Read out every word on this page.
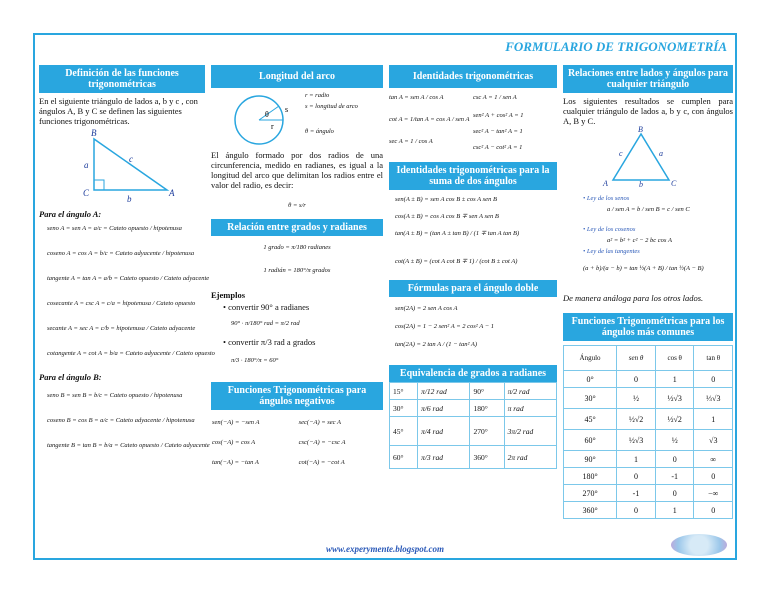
FORMULARIO DE TRIGONOMETRÍA
Definición de las funciones trigonométricas
En el siguiente triángulo de lados a, b y c , con ángulos A, B y C se definen las siguientes funciones trigonométricas.
B
C	A
a
c
b
Para el ángulo A:
seno A = sen A = a/c = Cateto opuesto / hipotenusa
coseno A = cos A = b/c = Cateto adyacente / hipotenusa
tangente A = tan A = a/b = Cateto opuesto / Cateto adyacente
cosecante A = csc A = c/a = hipotenusa / Cateto opuesto
secante A = sec A = c/b = hipotenusa / Cateto adyacente
cotangente A = cot A = b/a = Cateto adyacente / Cateto opuesto
Para el ángulo B:
seno B = sen B = b/c = Cateto opuesto / hipotenusa
coseno B = cos B = a/c = Cateto adyacente / hipotenusa
tangente B = tan B = b/a = Cateto opuesto / Cateto adyacente
Longitud del arco
θ
r
s
r = radio
s = longitud de arco
θ = ángulo
El ángulo formado por dos radios de una circunferencia, medido en radianes, es igual a la longitud del arco que delimitan los radios entre el valor del radio, es decir:
θ = s/r
Relación entre grados y radianes
1 grado = π/180 radianes
1 radián = 180°/π grados
Ejemplos
• convertir 90° a radianes
90° · π/180° rad = π/2 rad
• convertir π/3 rad a grados
π/3 · 180°/π = 60°
Funciones Trigonométricas para ángulos negativos
sen(−A) = −sen A	sec(−A) = sec A
cos(−A) = cos A	csc(−A) = −csc A
tan(−A) = −tan A	cot(−A) = −cot A
Identidades trigonométricas
tan A = sen A / cos A
cot A = 1/tan A = cos A / sen A
sec A = 1 / cos A
csc A = 1 / sen A
sen² A + cos² A = 1
sec² A − tan² A = 1
csc² A − cot² A = 1
Identidades trigonométricas para la suma de dos ángulos
sen(A ± B) = sen A cos B ± cos A sen B
cos(A ± B) = cos A cos B ∓ sen A sen B
tan(A ± B) = (tan A ± tan B) / (1 ∓ tan A tan B)
cot(A ± B) = (cot A cot B ∓ 1) / (cot B ± cot A)
Fórmulas para el ángulo doble
sen(2A) = 2 sen A cos A
cos(2A) = 1 − 2 sen² A = 2 cos² A − 1
tan(2A) = 2 tan A / (1 − tan² A)
Equivalencia de grados a radianes
15°	π/12 rad	90°	π/2 rad
30°	π/6 rad	180°	π rad
45°	π/4 rad	270°	3π/2 rad
60°	π/3 rad	360°	2π rad
Relaciones entre lados y ángulos para cualquier triángulo
Los siguientes resultados se cumplen para cualquier triángulo de lados a, b y c, con ángulos A, B y C.
B
A	C
c	a
b
• Ley de los senos
a / sen A = b / sen B = c / sen C
• Ley de los cosenos
a² = b² + c² − 2 bc cos A
• Ley de las tangentes
(a + b)/(a − b) = tan ½(A + B) / tan ½(A − B)
De manera análoga para los otros lados.
Funciones Trigonométricas para los ángulos más comunes
Ángulo	sen θ	cos θ	tan θ
0°	0	1	0
30°	½	½√3	⅓√3
45°	½√2	½√2	1
60°	½√3	½	√3
90°	1	0	∞
180°	0	-1	0
270°	-1	0	−∞
360°	0	1	0
www.experymente.blogspot.com
